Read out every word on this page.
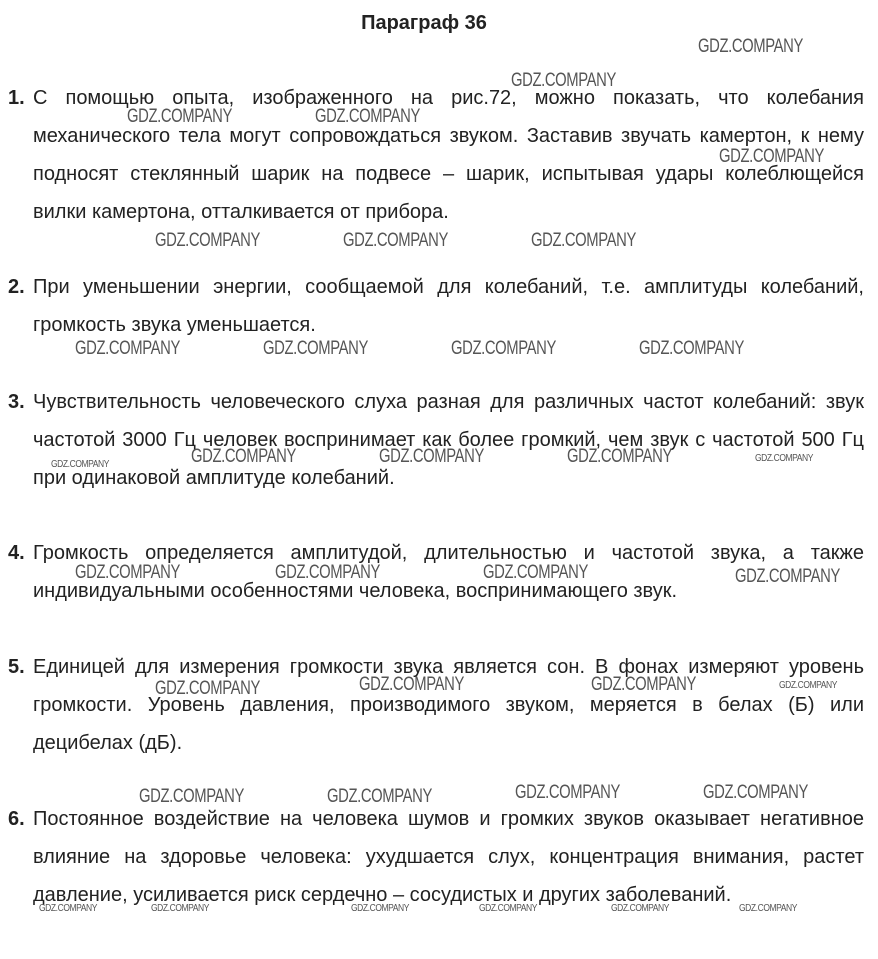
Параграф 36
1. С помощью опыта, изображенного на рис.72, можно показать, что колебания механического тела могут сопровождаться звуком. Заставив звучать камертон, к нему подносят стеклянный шарик на подвесе – шарик, испытывая удары колеблющейся вилки камертона, отталкивается от прибора.
2. При уменьшении энергии, сообщаемой для колебаний, т.е. амплитуды колебаний, громкость звука уменьшается.
3. Чувствительность человеческого слуха разная для различных частот колебаний: звук частотой 3000 Гц человек воспринимает как более громкий, чем звук с частотой 500 Гц при одинаковой амплитуде колебаний.
4. Громкость определяется амплитудой, длительностью и частотой звука, а также индивидуальными особенностями человека, воспринимающего звук.
5. Единицей для измерения громкости звука является сон. В фонах измеряют уровень громкости. Уровень давления, производимого звуком, меряется в белах (Б) или децибелах (дБ).
6. Постоянное воздействие на человека шумов и громких звуков оказывает негативное влияние на здоровье человека: ухудшается слух, концентрация внимания, растет давление, усиливается риск сердечно – сосудистых и других заболеваний.
GDZ.COMPANY
GDZ.COMPANY
GDZ.COMPANY	GDZ.COMPANY
GDZ.COMPANY
GDZ.COMPANY	GDZ.COMPANY	GDZ.COMPANY
GDZ.COMPANY	GDZ.COMPANY	GDZ.COMPANY	GDZ.COMPANY
GDZ.COMPANY	GDZ.COMPANY	GDZ.COMPANY	GDZ.COMPANY	GDZ.COMPANY
GDZ.COMPANY	GDZ.COMPANY	GDZ.COMPANY	GDZ.COMPANY
GDZ.COMPANY	GDZ.COMPANY	GDZ.COMPANY	GDZ.COMPANY
GDZ.COMPANY	GDZ.COMPANY	GDZ.COMPANY	GDZ.COMPANY
GDZ.COMPANY	GDZ.COMPANY	GDZ.COMPANY	GDZ.COMPANY	GDZ.COMPANY	GDZ.COMPANY
